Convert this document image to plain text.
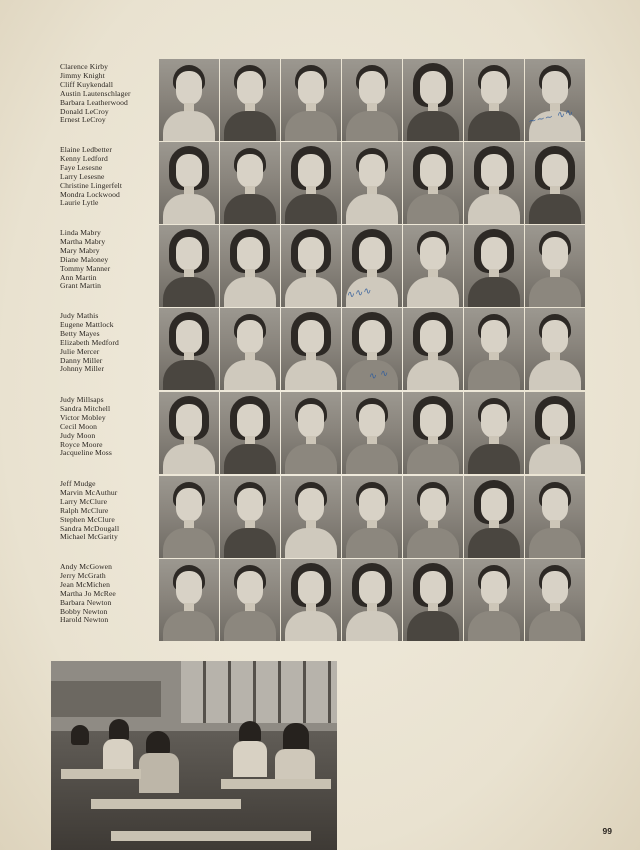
Clarence Kirby
Jimmy Knight
Cliff Kuykendall
Austin Lautenschlager
Barbara Leatherwood
Donald LeCroy
Ernest LeCroy
Elaine Ledbetter
Kenny Ledford
Faye Lesesne
Larry Lesesne
Christine Lingerfelt
Mondra Lockwood
Laurie Lytle
Linda Mabry
Martha Mabry
Mary Mabry
Diane Maloney
Tommy Manner
Ann Martin
Grant Martin
Judy Mathis
Eugene Mattlock
Betty Mayes
Elizabeth Medford
Julie Mercer
Danny Miller
Johnny Miller
Judy Millsaps
Sandra Mitchell
Victor Mobley
Cecil Moon
Judy Moon
Royce Moore
Jacqueline Moss
Jeff Mudge
Marvin McAuthur
Larry McClure
Ralph McClure
Stephen McClure
Sandra McDougall
Michael McGarity
Andy McGowen
Jerry McGrath
Jean McMichen
Martha Jo McRee
Barbara Newton
Bobby Newton
Harold Newton
~∼∼ ∿∿
∿∿∿
∿ ∿
99
